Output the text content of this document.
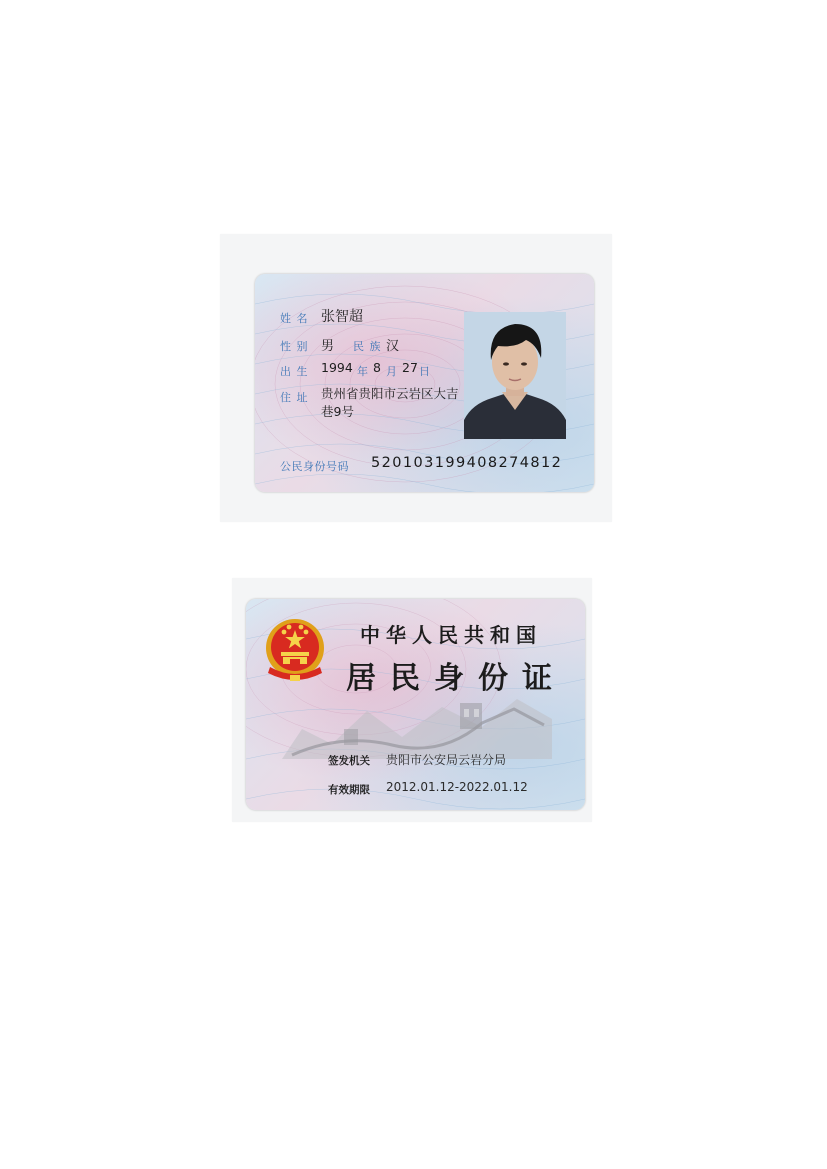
姓 名 张智超
性 别 男 民 族 汉
出 生 1994 年 8 月 27 日
住 址 贵州省贵阳市云岩区大吉巷9号
公民身份号码 520103199408274812
中华人民共和国
居民身份证
签发机关 贵阳市公安局云岩分局
有效期限 2012.01.12-2022.01.12
